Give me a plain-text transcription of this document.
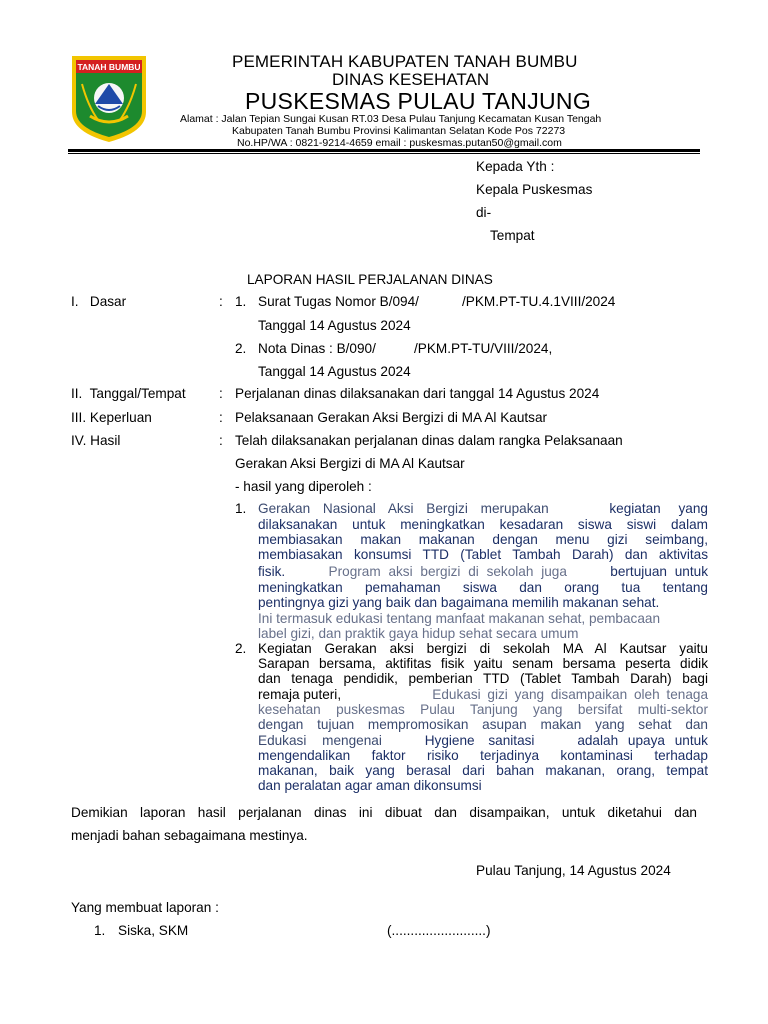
TANAH BUMBU	PEMERINTAH KABUPATEN TANAH BUMBU
DINAS KESEHATAN
PUSKESMAS PULAU TANJUNG
Alamat : Jalan Tepian Sungai Kusan RT.03 Desa Pulau Tanjung Kecamatan Kusan Tengah
Kabupaten Tanah Bumbu Provinsi Kalimantan Selatan Kode Pos 72273
No.HP/WA : 0821-9214-4659 email : puskesmas.putan50@gmail.com
Kepada Yth :
Kepala Puskesmas
di-
Tempat
LAPORAN HASIL PERJALANAN DINAS
I.   Dasar	: 1. Surat Tugas Nomor B/094/	/PKM.PT-TU.4.1VIII/2024
Tanggal 14 Agustus 2024
2. Nota Dinas : B/090/	/PKM.PT-TU/VIII/2024,
Tanggal 14 Agustus 2024
II.  Tanggal/Tempat : Perjalanan dinas dilaksanakan dari tanggal 14 Agustus 2024
III. Keperluan	: Pelaksanaan Gerakan Aksi Bergizi di MA Al Kautsar
IV. Hasil	: Telah dilaksanakan perjalanan dinas dalam rangka Pelaksanaan
Gerakan Aksi Bergizi di MA Al Kautsar
- hasil yang diperoleh :
1. Gerakan Nasional Aksi Bergizi merupakan	kegiatan yang
dilaksanakan untuk meningkatkan kesadaran siswa siswi dalam
membiasakan makan makanan dengan menu gizi seimbang,
membiasakan konsumsi TTD (Tablet Tambah Darah) dan aktivitas
fisik.	Program aksi bergizi di sekolah juga	bertujuan untuk
meningkatkan pemahaman siswa dan orang tua tentang
pentingnya gizi yang baik dan bagaimana memilih makanan sehat.
Ini termasuk edukasi tentang manfaat makanan sehat, pembacaan
label gizi, dan praktik gaya hidup sehat secara umum
2. Kegiatan Gerakan aksi bergizi di sekolah MA Al Kautsar yaitu
Sarapan bersama, aktifitas fisik yaitu senam bersama peserta didik
dan tenaga pendidik, pemberian TTD (Tablet Tambah Darah) bagi
remaja puteri,	Edukasi gizi yang disampaikan oleh tenaga
kesehatan puskesmas Pulau Tanjung yang bersifat multi-sektor
dengan tujuan mempromosikan asupan makan yang sehat dan
Edukasi mengenai	Hygiene sanitasi	adalah upaya untuk
mengendalikan faktor risiko terjadinya kontaminasi terhadap
makanan, baik yang berasal dari bahan makanan, orang, tempat
dan peralatan agar aman dikonsumsi
Demikian laporan hasil perjalanan dinas ini dibuat dan disampaikan, untuk diketahui dan
menjadi bahan sebagaimana mestinya.
Pulau Tanjung, 14 Agustus 2024
Yang membuat laporan :
1. Siska, SKM	(.........................)
